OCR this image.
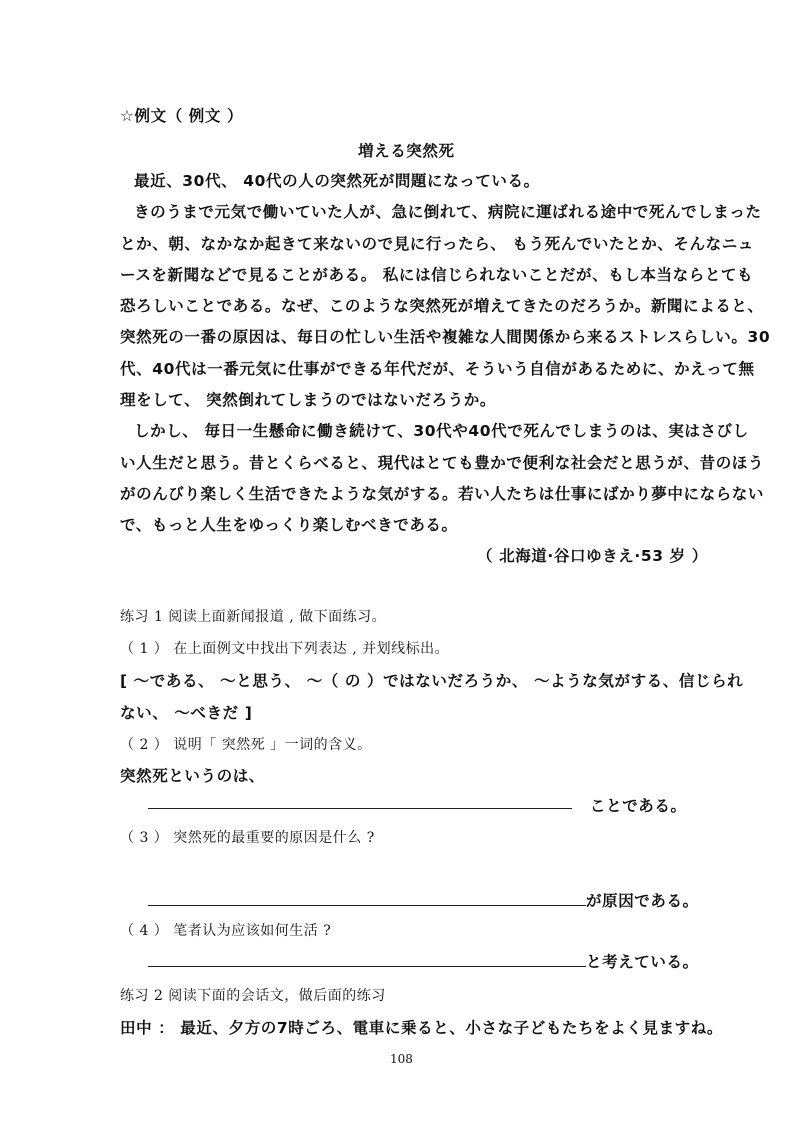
☆例文（ 例文 ）
増える突然死
最近、30代、 40代の人の突然死が問題になっている。
きのうまで元気で働いていた人が、急に倒れて、病院に運ばれる途中で死んでしまった
とか、朝、なかなか起きて来ないので見に行ったら、 もう死んでいたとか、そんなニュ
ースを新聞などで見ることがある。 私には信じられないことだが、もし本当ならとても
恐ろしいことである。なぜ、このような突然死が増えてきたのだろうか。新聞によると、
突然死の一番の原因は、毎日の忙しい生活や複雑な人間関係から来るストレスらしい。30
代、40代は一番元気に仕事ができる年代だが、そういう自信があるために、かえって無
理をして、 突然倒れてしまうのではないだろうか。
しかし、 毎日一生懸命に働き続けて、30代や40代で死んでしまうのは、実はさびし
い人生だと思う。昔とくらべると、現代はとても豊かで便利な社会だと思うが、昔のほう
がのんびり楽しく生活できたような気がする。若い人たちは仕事にばかり夢中にならない
で、もっと人生をゆっくり楽しむべきである。
（ 北海道·谷口ゆきえ·53 岁 ）
练习 1 阅读上面新闻报道 , 做下面练习。
（ 1 ） 在上面例文中找出下列表达 , 并划线标出。
[ ～である、 ～と思う、 ～（ の ）ではないだろうか、 ～ような気がする、信じられ
ない、 ～べきだ ]
（ 2 ） 说明「 突然死 」一词的含义。
突然死というのは、
ことである。
（ 3 ） 突然死的最重要的原因是什么 ?
が原因である。
（ 4 ） 笔者认为应该如何生活 ?
と考えている。
练习 2 阅读下面的会话文，做后面的练习
田中 ： 最近、夕方の7時ごろ、電車に乗ると、小さな子どもたちをよく見ますね。
108
